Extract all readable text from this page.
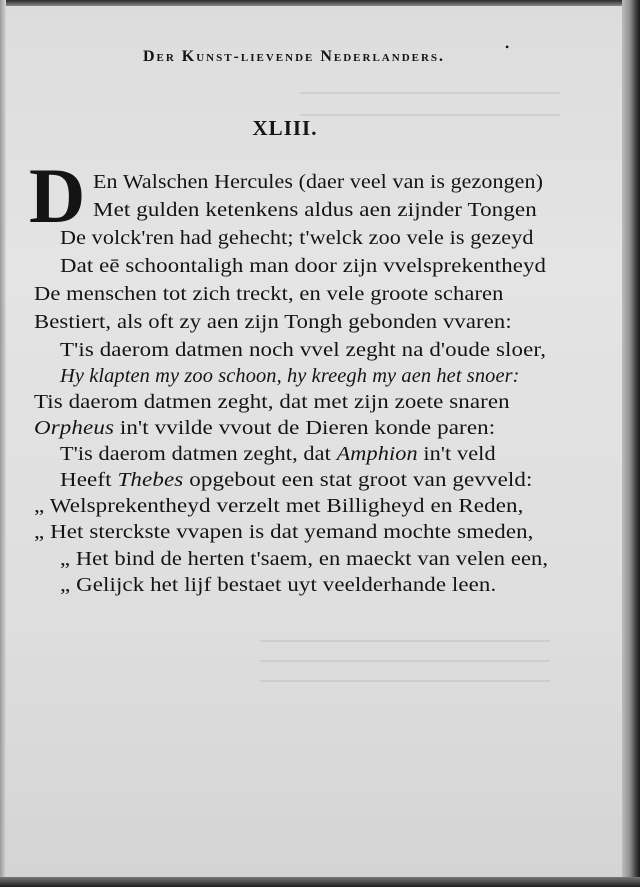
Der Kunst-lievende Nederlanders.
•
XLIII.
D En Walschen Hercules (daer veel van is gezongen)
Met gulden ketenkens aldus aen zijnder Tongen
De volck'ren had gehecht; t'welck zoo vele is gezeyd
Dat eē schoontaligh man door zijn vvelsprekentheyd
De menschen tot zich treckt, en vele groote scharen
Bestiert, als oft zy aen zijn Tongh gebonden vvaren:
T'is daerom datmen noch vvel zeght na d'oude sloer,
Hy klapten my zoo schoon, hy kreegh my aen het snoer:
Tis daerom datmen zeght, dat met zijn zoete snaren
Orpheus in't vvilde vvout de Dieren konde paren:
T'is daerom datmen zeght, dat Amphion in't veld
Heeft Thebes opgebout een stat groot van gevveld:
„ Welsprekentheyd verzelt met Billigheyd en Reden,
„ Het sterckste vvapen is dat yemand mochte smeden,
„ Het bind de herten t'saem, en maeckt van velen een,
„ Gelijck het lijf bestaet uyt veelderhande leen.
